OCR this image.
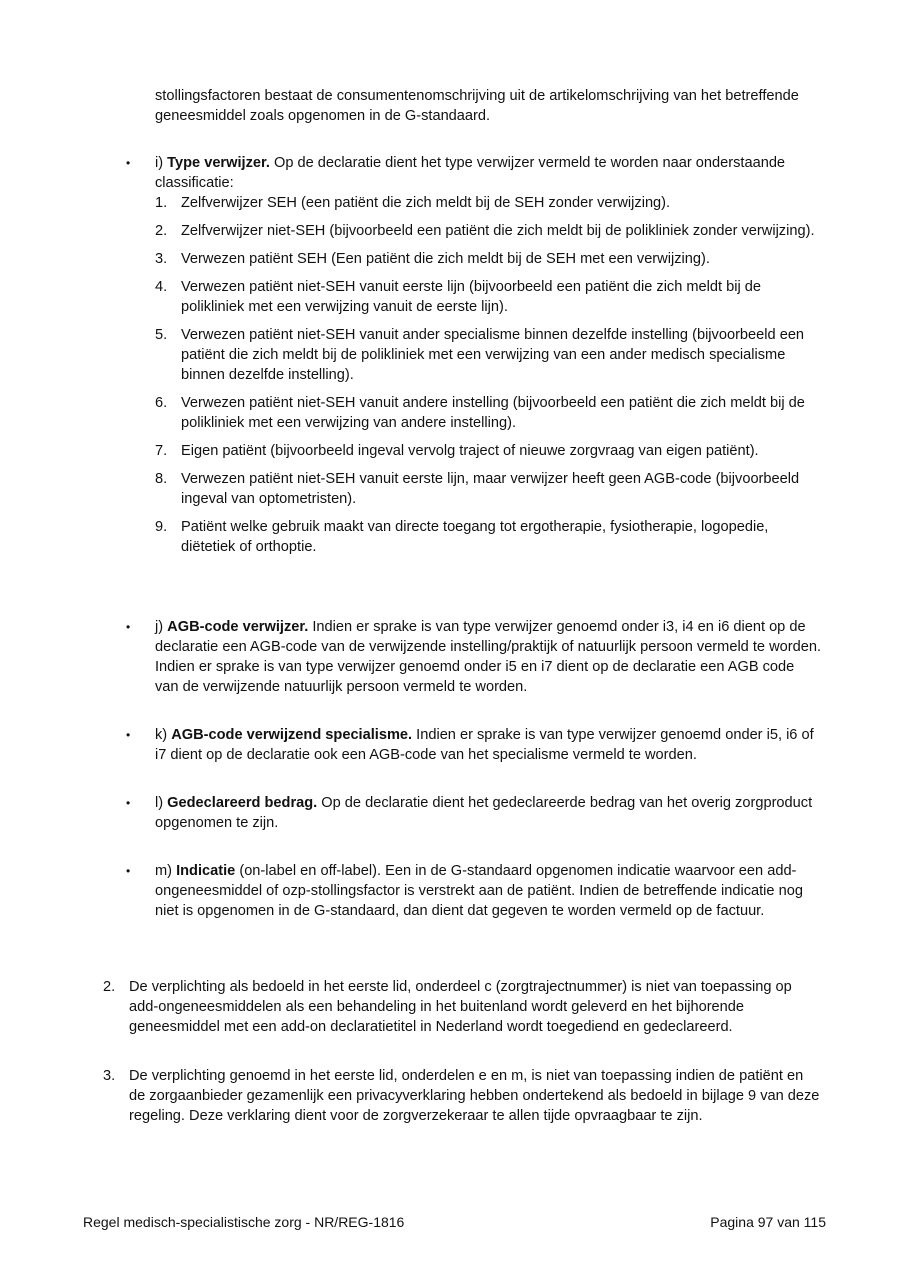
stollingsfactoren bestaat de consumentenomschrijving uit de artikelomschrijving van het betreffende geneesmiddel zoals opgenomen in de G-standaard.

•	i) Type verwijzer. Op de declaratie dient het type verwijzer vermeld te worden naar onderstaande classificatie:
1. Zelfverwijzer SEH (een patiënt die zich meldt bij de SEH zonder verwijzing).
2. Zelfverwijzer niet-SEH (bijvoorbeeld een patiënt die zich meldt bij de polikliniek zonder verwijzing).
3. Verwezen patiënt SEH (Een patiënt die zich meldt bij de SEH met een verwijzing).
4. Verwezen patiënt niet-SEH vanuit eerste lijn (bijvoorbeeld een patiënt die zich meldt bij de polikliniek met een verwijzing vanuit de eerste lijn).
5. Verwezen patiënt niet-SEH vanuit ander specialisme binnen dezelfde instelling (bijvoorbeeld een patiënt die zich meldt bij de polikliniek met een verwijzing van een ander medisch specialisme binnen dezelfde instelling).
6. Verwezen patiënt niet-SEH vanuit andere instelling (bijvoorbeeld een patiënt die zich meldt bij de polikliniek met een verwijzing van andere instelling).
7. Eigen patiënt (bijvoorbeeld ingeval vervolg traject of nieuwe zorgvraag van eigen patiënt).
8. Verwezen patiënt niet-SEH vanuit eerste lijn, maar verwijzer heeft geen AGB-code (bijvoorbeeld ingeval van optometristen).
9. Patiënt welke gebruik maakt van directe toegang tot ergotherapie, fysiotherapie, logopedie, diëtetiek of orthoptie.
•	j) AGB-code verwijzer. Indien er sprake is van type verwijzer genoemd onder i3, i4 en i6 dient op de declaratie een AGB-code van de verwijzende instelling/praktijk of natuurlijk persoon vermeld te worden. Indien er sprake is van type verwijzer genoemd onder i5 en i7 dient op de declaratie een AGB code van de verwijzende natuurlijk persoon vermeld te worden.
•	k) AGB-code verwijzend specialisme. Indien er sprake is van type verwijzer genoemd onder i5, i6 of i7 dient op de declaratie ook een AGB-code van het specialisme vermeld te worden.
•	l) Gedeclareerd bedrag. Op de declaratie dient het gedeclareerde bedrag van het overig zorgproduct opgenomen te zijn.
•	m) Indicatie (on-label en off-label). Een in de G-standaard opgenomen indicatie waarvoor een add-ongeneesmiddel of ozp-stollingsfactor is verstrekt aan de patiënt. Indien de betreffende indicatie nog niet is opgenomen in de G-standaard, dan dient dat gegeven te worden vermeld op de factuur.
2. De verplichting als bedoeld in het eerste lid, onderdeel c (zorgtrajectnummer) is niet van toepassing op add-ongeneesmiddelen als een behandeling in het buitenland wordt geleverd en het bijhorende geneesmiddel met een add-on declaratietitel in Nederland wordt toegediend en gedeclareerd.
3. De verplichting genoemd in het eerste lid, onderdelen e en m, is niet van toepassing indien de patiënt en de zorgaanbieder gezamenlijk een privacyverklaring hebben ondertekend als bedoeld in bijlage 9 van deze regeling. Deze verklaring dient voor de zorgverzekeraar te allen tijde opvraagbaar te zijn.
Regel medisch-specialistische zorg - NR/REG-1816	Pagina 97 van 115
